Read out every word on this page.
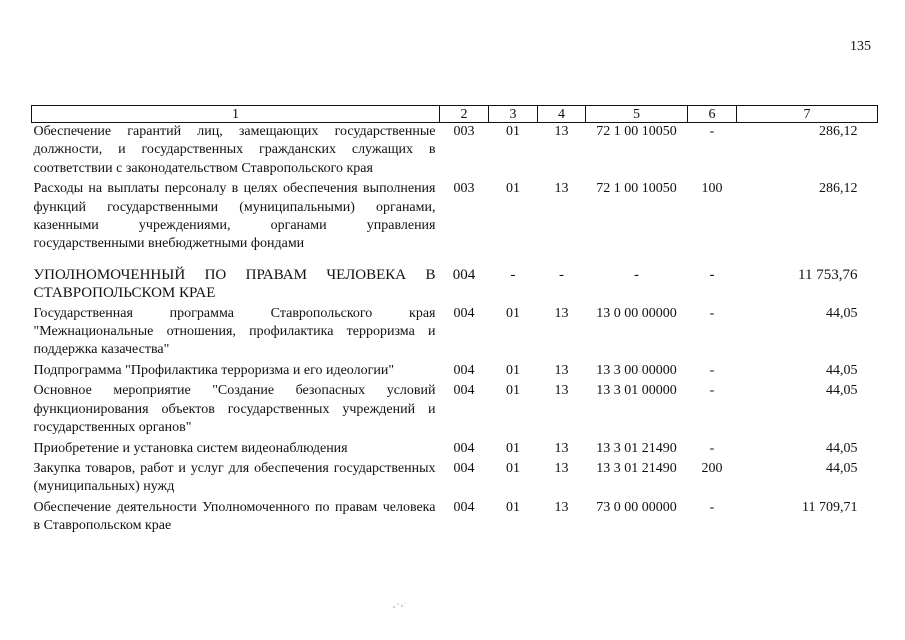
135
1	2	3	4	5	6	7
Обеспечение гарантий лиц, замещающих государственные должности, и государственных гражданских служащих в соответствии с законодательством Ставропольского края	003	01	13	72 1 00 10050	-	286,12
Расходы на выплаты персоналу в целях обеспечения выполнения функций государственными (муниципальными) органами, казенными учреждениями, органами управления государственными внебюджетными фондами	003	01	13	72 1 00 10050	100	286,12
УПОЛНОМОЧЕННЫЙ ПО ПРАВАМ ЧЕЛОВЕКА В СТАВРОПОЛЬСКОМ КРАЕ	004	-	-	-	-	11 753,76
Государственная программа Ставропольского края "Межнациональные отношения, профилактика терроризма и поддержка казачества"	004	01	13	13 0 00 00000	-	44,05
Подпрограмма "Профилактика терроризма и его идеологии"	004	01	13	13 3 00 00000	-	44,05
Основное мероприятие "Создание безопасных условий функционирования объектов государственных учреждений и государственных органов"	004	01	13	13 3 01 00000	-	44,05
Приобретение и установка систем видеонаблюдения	004	01	13	13 3 01 21490	-	44,05
Закупка товаров, работ и услуг для обеспечения государственных (муниципальных) нужд	004	01	13	13 3 01 21490	200	44,05
Обеспечение деятельности Уполномоченного по правам человека в Ставропольском крае	004	01	13	73 0 00 00000	-	11 709,71
